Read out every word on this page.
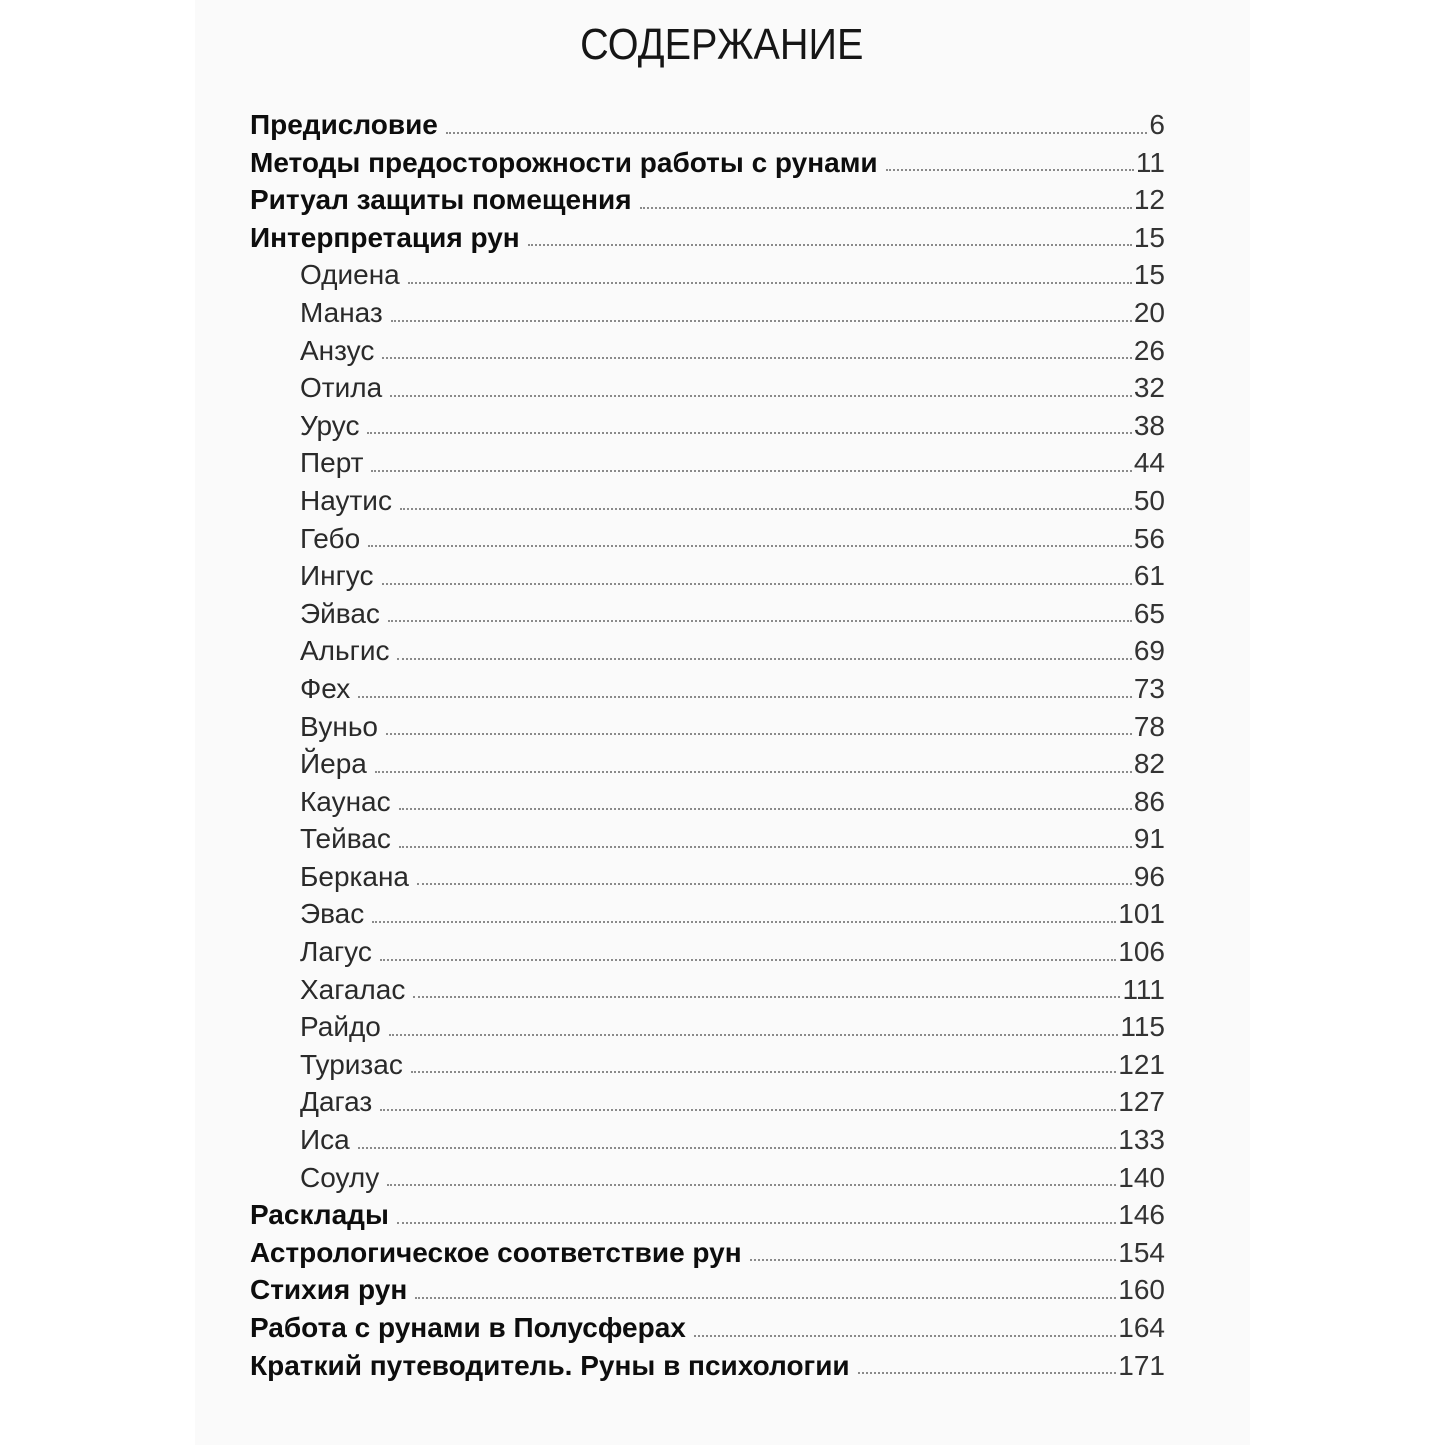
СОДЕРЖАНИЕ
Предисловие	6
Методы предосторожности работы с рунами	11
Ритуал защиты помещения	12
Интерпретация рун	15
Одиена	15
Маназ	20
Анзус	26
Отила	32
Урус	38
Перт	44
Наутис	50
Гебо	56
Ингус	61
Эйвас	65
Альгис	69
Фех	73
Вуньо	78
Йера	82
Каунас	86
Тейвас	91
Беркана	96
Эвас	101
Лагус	106
Хагалас	111
Райдо	115
Туризас	121
Дагаз	127
Иса	133
Соулу	140
Расклады	146
Астрологическое соответствие рун	154
Стихия рун	160
Работа с рунами в Полусферах	164
Краткий путеводитель. Руны в психологии	171
